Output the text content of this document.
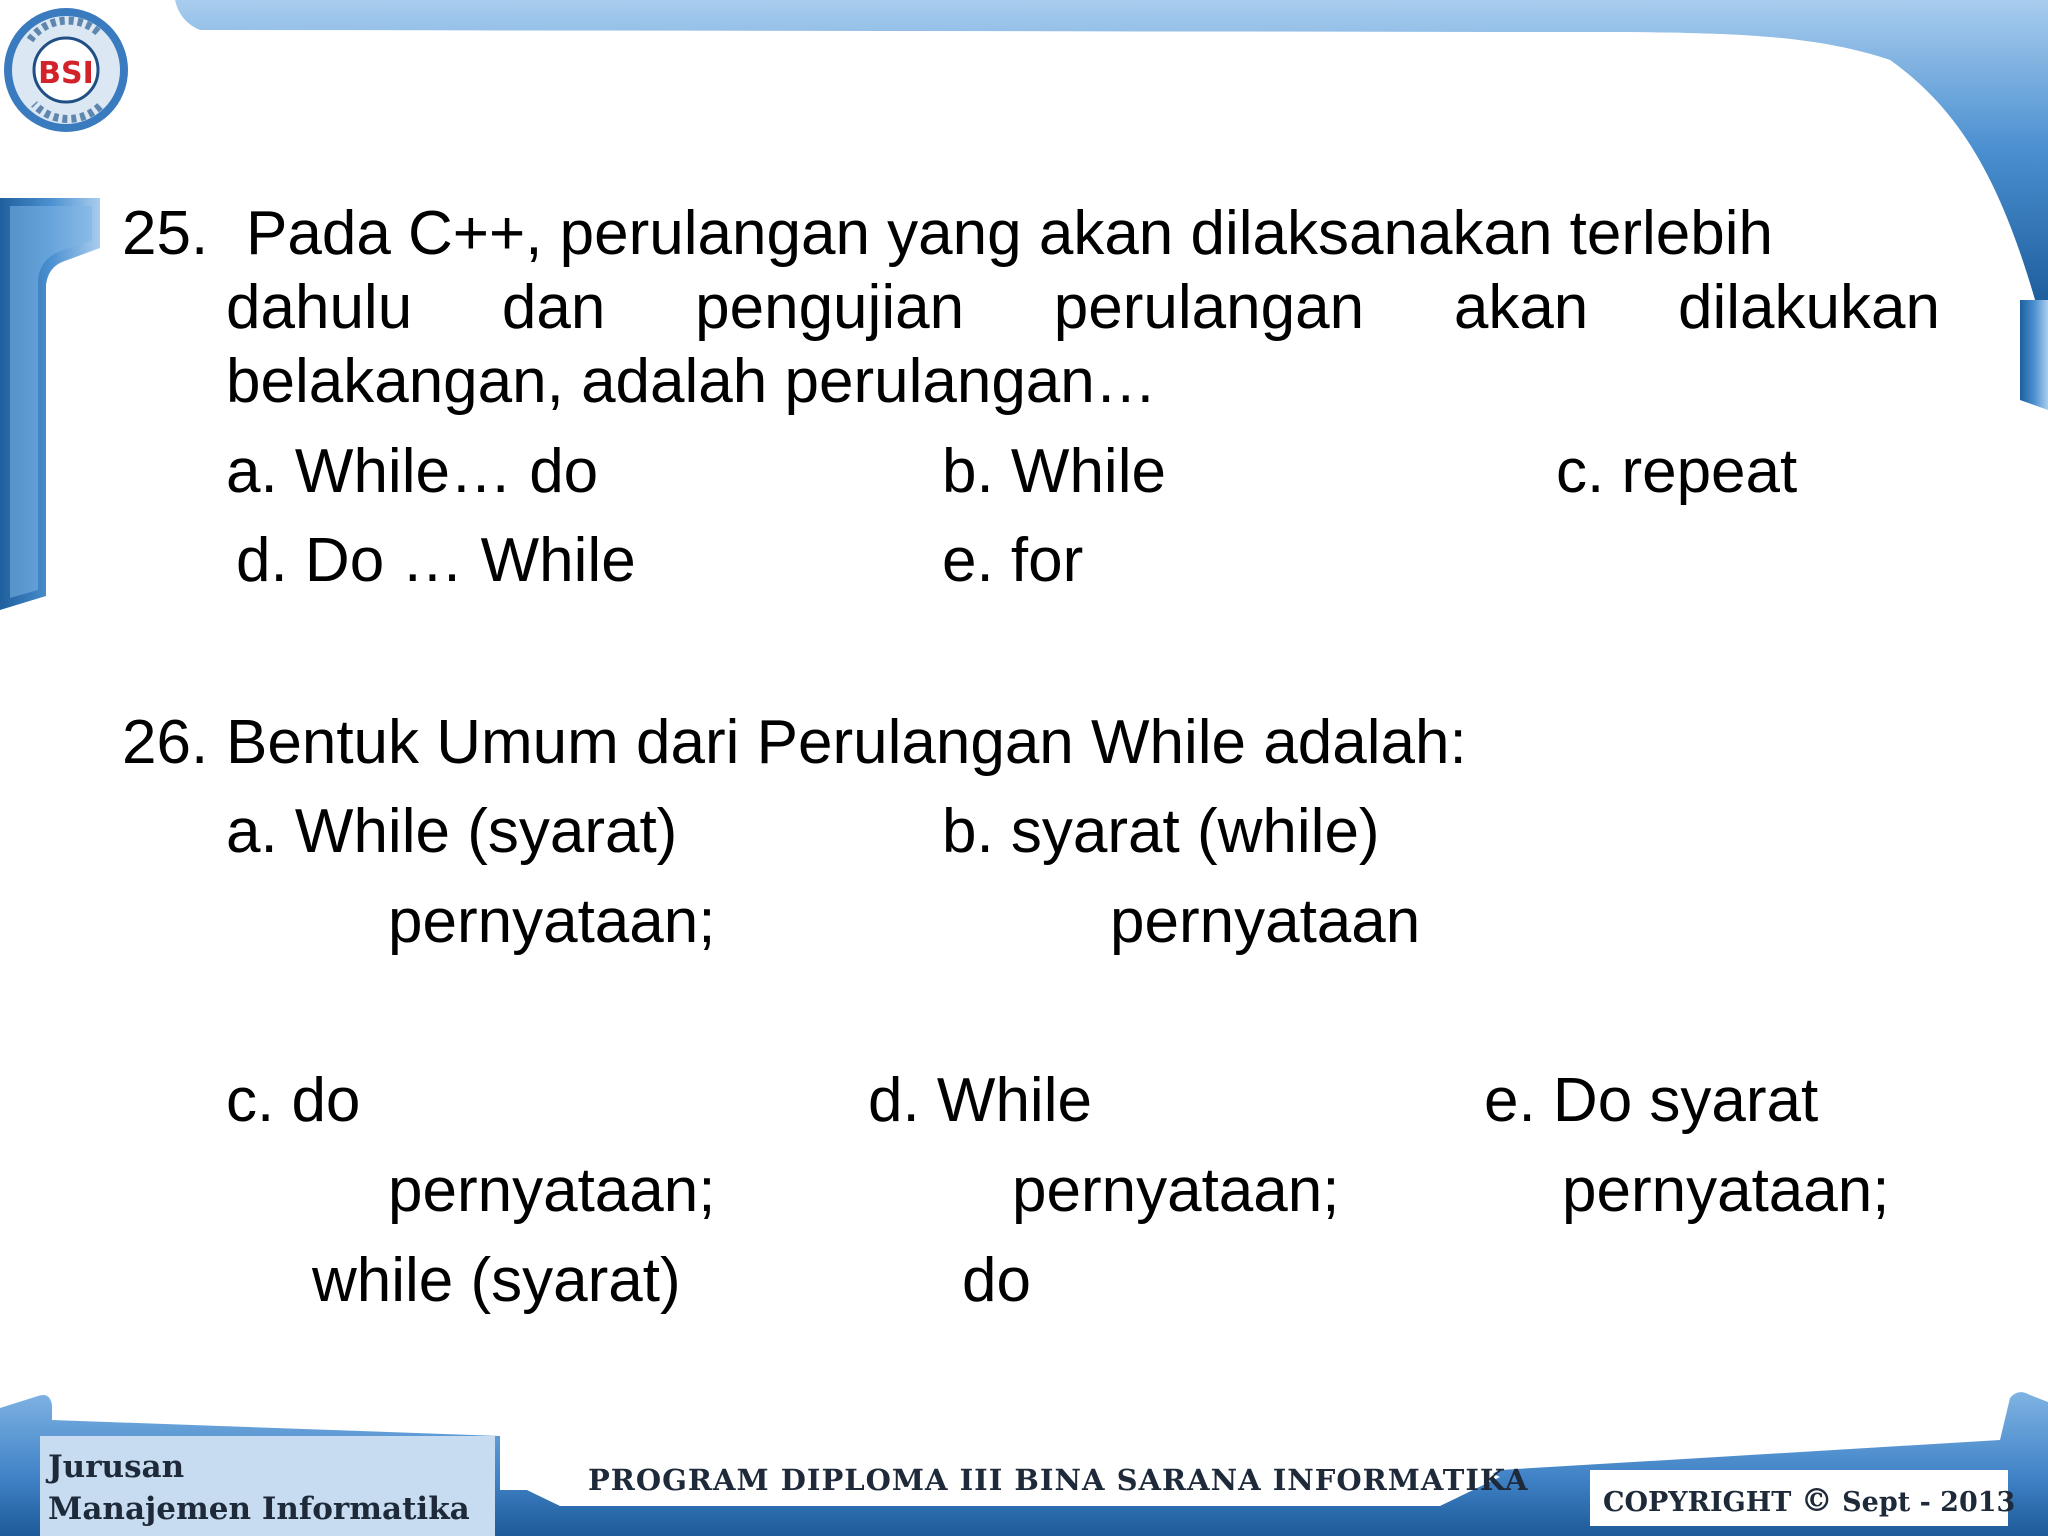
BSI
25. Pada C++, perulangan yang akan dilaksanakan terlebih
dahulu dan pengujian perulangan akan dilakukan
belakangan, adalah perulangan…
a. While… do	b. While	c. repeat
d. Do … While	e. for
26. Bentuk Umum dari Perulangan While adalah:
a. While (syarat)
pernyataan;
b. syarat (while)
pernyataan
c. do
pernyataan;
while (syarat)
d. While
pernyataan;
do
e. Do syarat
pernyataan;
Jurusan
Manajemen Informatika
PROGRAM DIPLOMA III BINA SARANA INFORMATIKA
COPYRIGHT © Sept - 2013
